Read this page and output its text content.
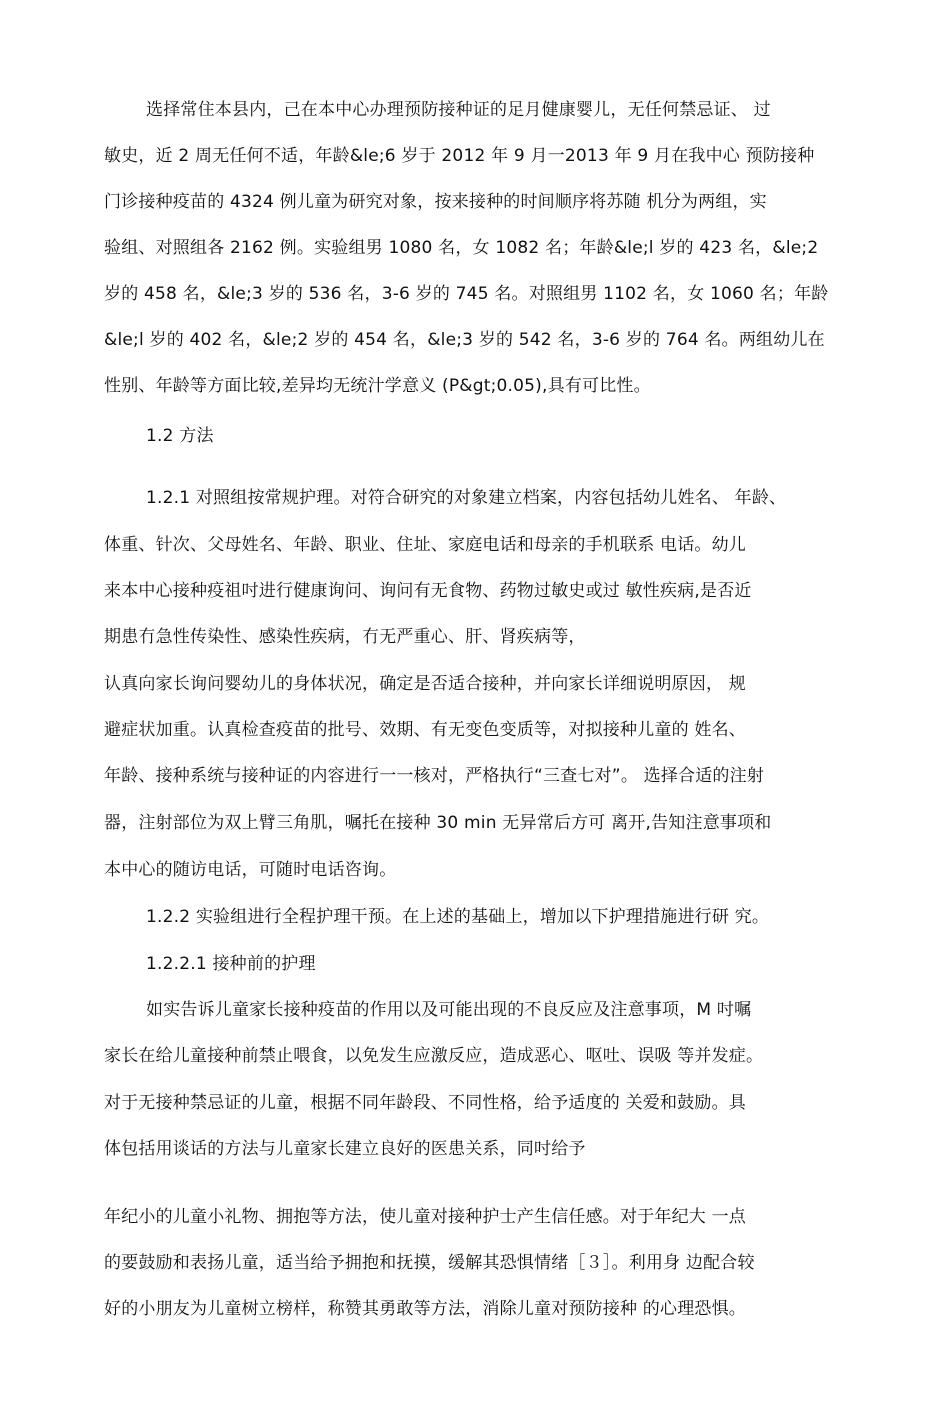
选择常住本县内，己在本中心办理预防接种证的足月健康婴儿，无任何禁忌证、 过
敏史，近 2 周无任何不适，年龄&le;6 岁于 2012 年 9 月一2013 年 9 月在我中心 预防接种
门诊接种疫苗的 4324 例儿童为研究对象，按来接种的时间顺序将苏随 机分为两组，实
验组、对照组各 2162 例。实验组男 1080 名，女 1082 名；年龄&le;l 岁的 423 名，&le;2
岁的 458 名，&le;3 岁的 536 名，3-6 岁的 745 名。对照组男 1102 名，女 1060 名；年龄
&le;l 岁的 402 名，&le;2 岁的 454 名，&le;3 岁的 542 名，3-6 岁的 764 名。两组幼儿在
性别、年龄等方面比较,差异均无统汁学意义 (P&gt;0.05),具有可比性。
1.2 方法
1.2.1 对照组按常规护理。对符合研究的对象建立档案，内容包括幼儿姓名、 年龄、
体重、针次、父母姓名、年龄、职业、住址、家庭电话和母亲的手机联系 电话。幼儿
来本中心接种疫祖吋进行健康询问、询问有无食物、药物过敏史或过 敏性疾病,是否近
期患冇急性传染性、感染性疾病，冇无严重心、肝、肾疾病等，
认真向家长询问婴幼儿的身体状况，确定是否适合接种，并向家长详细说明原因， 规
避症状加重。认真检查疫苗的批号、效期、有无变色变质等，对拟接种儿童的 姓名、
年龄、接种系统与接种证的内容进行一一核对，严格执行“三查七对”。 选择合适的注射
器，注射部位为双上臂三角肌，嘱托在接种 30 min 无异常后方可 离开,告知注意事项和
本中心的随访电话，可随时电话咨询。
1.2.2 实验组进行全程护理干预。在上述的基础上，增加以下护理措施进行研 究。
1.2.2.1 接种前的护理
如实告诉儿童家长接种疫苗的作用以及可能出现的不良反应及注意事项，M 吋嘱
家长在给儿童接种前禁止喂食，以免发生应激反应，造成恶心、呕吐、误吸 等并发症。
对于无接种禁忌证的儿童，根据不同年龄段、不同性格，给予适度的 关爱和鼓励。具
体包括用谈话的方法与儿童家长建立良好的医患关系，同吋给予
年纪小的儿童小礼物、拥抱等方法，使儿童对接种护士产生信任感。对于年纪大 一点
的要鼓励和表扬儿童，适当给予拥抱和抚摸，缓解其恐惧情绪［３］。利用身 边配合较
好的小朋友为儿童树立榜样，称赞其勇敢等方法，消除儿童对预防接种 的心理恐惧。
